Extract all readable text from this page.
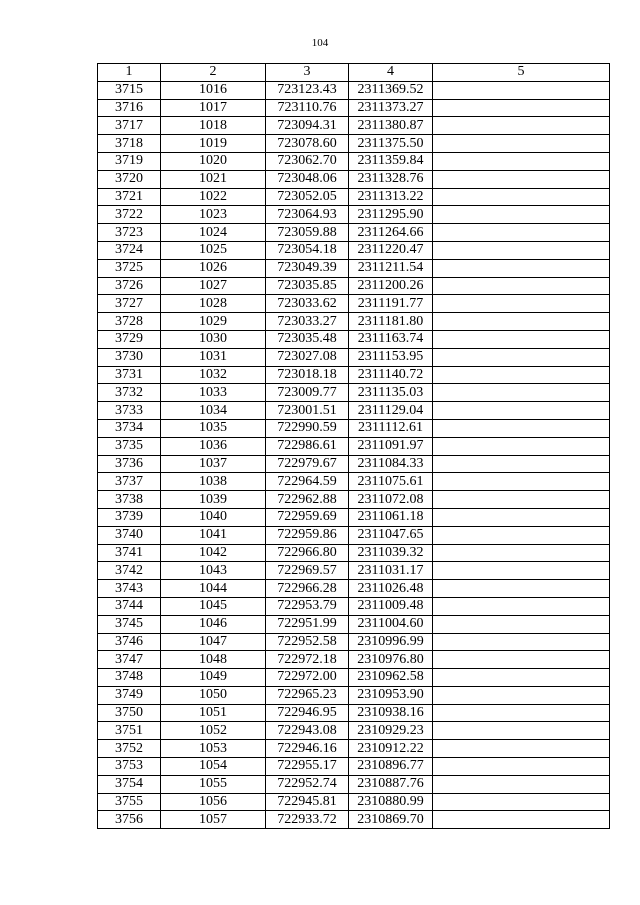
104
1	2	3	4	5
3715	1016	723123.43	2311369.52	
3716	1017	723110.76	2311373.27	
3717	1018	723094.31	2311380.87	
3718	1019	723078.60	2311375.50	
3719	1020	723062.70	2311359.84	
3720	1021	723048.06	2311328.76	
3721	1022	723052.05	2311313.22	
3722	1023	723064.93	2311295.90	
3723	1024	723059.88	2311264.66	
3724	1025	723054.18	2311220.47	
3725	1026	723049.39	2311211.54	
3726	1027	723035.85	2311200.26	
3727	1028	723033.62	2311191.77	
3728	1029	723033.27	2311181.80	
3729	1030	723035.48	2311163.74	
3730	1031	723027.08	2311153.95	
3731	1032	723018.18	2311140.72	
3732	1033	723009.77	2311135.03	
3733	1034	723001.51	2311129.04	
3734	1035	722990.59	2311112.61	
3735	1036	722986.61	2311091.97	
3736	1037	722979.67	2311084.33	
3737	1038	722964.59	2311075.61	
3738	1039	722962.88	2311072.08	
3739	1040	722959.69	2311061.18	
3740	1041	722959.86	2311047.65	
3741	1042	722966.80	2311039.32	
3742	1043	722969.57	2311031.17	
3743	1044	722966.28	2311026.48	
3744	1045	722953.79	2311009.48	
3745	1046	722951.99	2311004.60	
3746	1047	722952.58	2310996.99	
3747	1048	722972.18	2310976.80	
3748	1049	722972.00	2310962.58	
3749	1050	722965.23	2310953.90	
3750	1051	722946.95	2310938.16	
3751	1052	722943.08	2310929.23	
3752	1053	722946.16	2310912.22	
3753	1054	722955.17	2310896.77	
3754	1055	722952.74	2310887.76	
3755	1056	722945.81	2310880.99	
3756	1057	722933.72	2310869.70	
